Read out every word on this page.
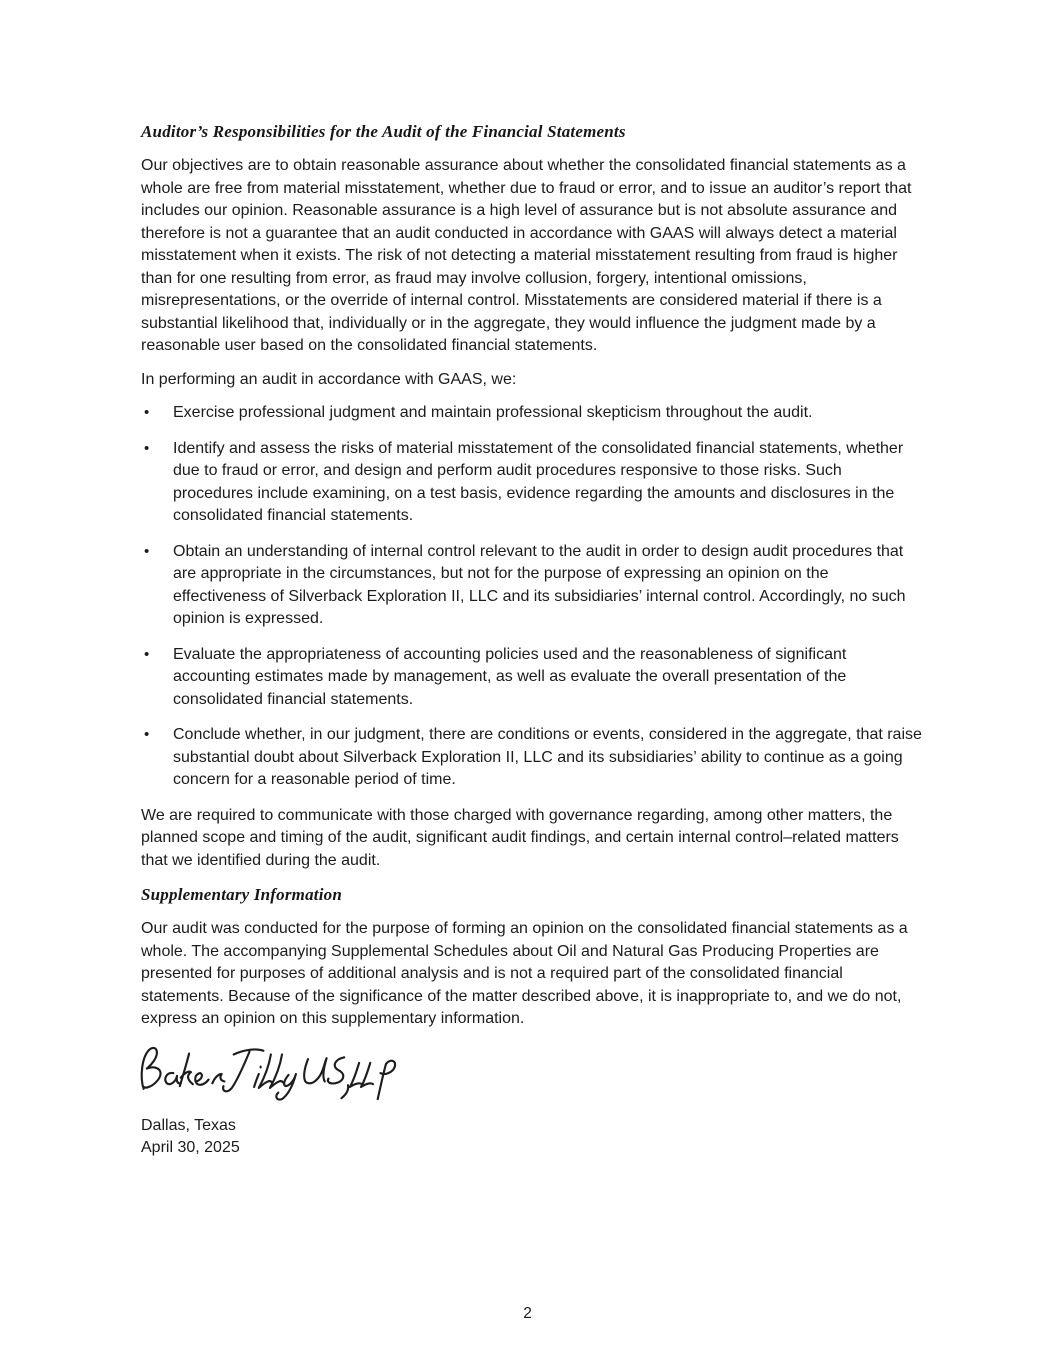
Auditor’s Responsibilities for the Audit of the Financial Statements

Our objectives are to obtain reasonable assurance about whether the consolidated financial statements as a whole are free from material misstatement, whether due to fraud or error, and to issue an auditor’s report that includes our opinion. Reasonable assurance is a high level of assurance but is not absolute assurance and therefore is not a guarantee that an audit conducted in accordance with GAAS will always detect a material misstatement when it exists. The risk of not detecting a material misstatement resulting from fraud is higher than for one resulting from error, as fraud may involve collusion, forgery, intentional omissions, misrepresentations, or the override of internal control. Misstatements are considered material if there is a substantial likelihood that, individually or in the aggregate, they would influence the judgment made by a reasonable user based on the consolidated financial statements.

In performing an audit in accordance with GAAS, we:

•	Exercise professional judgment and maintain professional skepticism throughout the audit.
•	Identify and assess the risks of material misstatement of the consolidated financial statements, whether due to fraud or error, and design and perform audit procedures responsive to those risks. Such procedures include examining, on a test basis, evidence regarding the amounts and disclosures in the consolidated financial statements.
•	Obtain an understanding of internal control relevant to the audit in order to design audit procedures that are appropriate in the circumstances, but not for the purpose of expressing an opinion on the effectiveness of Silverback Exploration II, LLC and its subsidiaries’ internal control. Accordingly, no such opinion is expressed.
•	Evaluate the appropriateness of accounting policies used and the reasonableness of significant accounting estimates made by management, as well as evaluate the overall presentation of the consolidated financial statements.
•	Conclude whether, in our judgment, there are conditions or events, considered in the aggregate, that raise substantial doubt about Silverback Exploration II, LLC and its subsidiaries’ ability to continue as a going concern for a reasonable period of time.

We are required to communicate with those charged with governance regarding, among other matters, the planned scope and timing of the audit, significant audit findings, and certain internal control–related matters that we identified during the audit.

Supplementary Information

Our audit was conducted for the purpose of forming an opinion on the consolidated financial statements as a whole. The accompanying Supplemental Schedules about Oil and Natural Gas Producing Properties are presented for purposes of additional analysis and is not a required part of the consolidated financial statements. Because of the significance of the matter described above, it is inappropriate to, and we do not, express an opinion on this supplementary information.

Dallas, Texas
April 30, 2025
2
